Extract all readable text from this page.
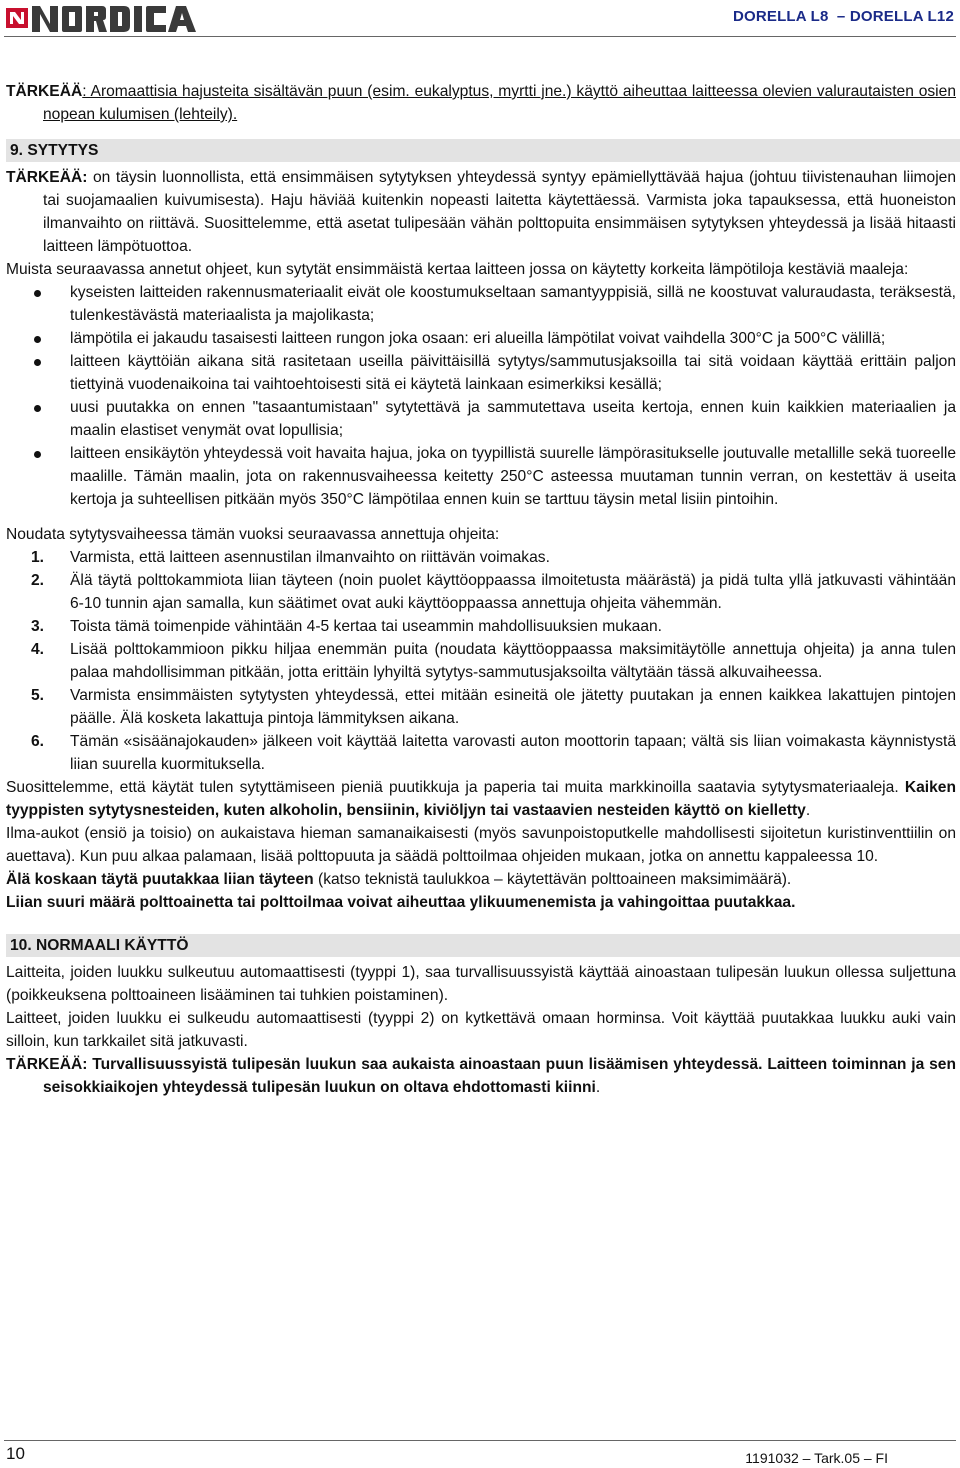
DORELLA L8 – DORELLA L12

TÄRKEÄÄ: Aromaattisia hajusteita sisältävän puun (esim. eukalyptus, myrtti jne.) käyttö aiheuttaa laitteessa olevien valurautaisten osien nopean kulumisen (lehteily).

9. SYTYTYS

TÄRKEÄÄ: on täysin luonnollista, että ensimmäisen sytytyksen yhteydessä syntyy epämiellyttävää hajua (johtuu tiivistenauhan liimojen tai suojamaalien kuivumisesta). Haju häviää kuitenkin nopeasti laitetta käytettäessä. Varmista joka tapauksessa, että huoneiston ilmanvaihto on riittävä. Suosittelemme, että asetat tulipesään vähän polttopuita ensimmäisen sytytyksen yhteydessä ja lisää hitaasti laitteen lämpötuottoa.

Muista seuraavassa annetut ohjeet, kun sytytät ensimmäistä kertaa laitteen jossa on käytetty korkeita lämpötiloja kestäviä maaleja:

kyseisten laitteiden rakennusmateriaalit eivät ole koostumukseltaan samantyyppisiä, sillä ne koostuvat valuraudasta, teräksestä, tulenkestävästä materiaalista ja majolikasta;
lämpötila ei jakaudu tasaisesti laitteen rungon joka osaan: eri alueilla lämpötilat voivat vaihdella 300°C ja 500°C välillä;
laitteen käyttöiän aikana sitä rasitetaan useilla päivittäisillä sytytys/sammutusjaksoilla tai sitä voidaan käyttää erittäin paljon tiettyinä vuodenaikoina tai vaihtoehtoisesti sitä ei käytetä lainkaan esimerkiksi kesällä;
uusi puutakka on ennen "tasaantumistaan" sytytettävä ja sammutettava useita kertoja, ennen kuin kaikkien materiaalien ja maalin elastiset venymät ovat lopullisia;
laitteen ensikäytön yhteydessä voit havaita hajua, joka on tyypillistä suurelle lämpörasitukselle joutuvalle metallille sekä tuoreelle maalille. Tämän maalin, jota on rakennusvaiheessa keitetty 250°C asteessa muutaman tunnin verran, on kestettäv ä useita kertoja ja suhteellisen pitkään myös 350°C lämpötilaa ennen kuin se tarttuu täysin metal lisiin pintoihin.

Noudata sytytysvaiheessa tämän vuoksi seuraavassa annettuja ohjeita:

1. Varmista, että laitteen asennustilan ilmanvaihto on riittävän voimakas.
2. Älä täytä polttokammiota liian täyteen (noin puolet käyttöoppaassa ilmoitetusta määrästä) ja pidä tulta yllä jatkuvasti vähintään 6-10 tunnin ajan samalla, kun säätimet ovat auki käyttöoppaassa annettuja ohjeita vähemmän.
3. Toista tämä toimenpide vähintään 4-5 kertaa tai useammin mahdollisuuksien mukaan.
4. Lisää polttokammioon pikku hiljaa enemmän puita (noudata käyttöoppaassa maksimitäytölle annettuja ohjeita) ja anna tulen palaa mahdollisimman pitkään, jotta erittäin lyhyiltä sytytys-sammutusjaksoilta vältytään tässä alkuvaiheessa.
5. Varmista ensimmäisten sytytysten yhteydessä, ettei mitään esineitä ole jätetty puutakan ja ennen kaikkea lakattujen pintojen päälle. Älä kosketa lakattuja pintoja lämmityksen aikana.
6. Tämän «sisäänajokauden» jälkeen voit käyttää laitetta varovasti auton moottorin tapaan; vältä sis liian voimakasta käynnistystä liian suurella kuormituksella.

Suosittelemme, että käytät tulen sytyttämiseen pieniä puutikkuja ja paperia tai muita markkinoilla saatavia sytytysmateriaaleja. Kaiken tyyppisten sytytysnesteiden, kuten alkoholin, bensiinin, kiviöljyn tai vastaavien nesteiden käyttö on kielletty.

Ilma-aukot (ensiö ja toisio) on aukaistava hieman samanaikaisesti (myös savunpoistoputkelle mahdollisesti sijoitetun kuristinventtiilin on auettava). Kun puu alkaa palamaan, lisää polttopuuta ja säädä polttoilmaa ohjeiden mukaan, jotka on annettu kappaleessa 10.

Älä koskaan täytä puutakkaa liian täyteen (katso teknistä taulukkoa – käytettävän polttoaineen maksimimäärä).

Liian suuri määrä polttoainetta tai polttoilmaa voivat aiheuttaa ylikuumenemista ja vahingoittaa puutakkaa.

10. NORMAALI KÄYTTÖ

Laitteita, joiden luukku sulkeutuu automaattisesti (tyyppi 1), saa turvallisuussyistä käyttää ainoastaan tulipesän luukun ollessa suljettuna (poikkeuksena polttoaineen lisääminen tai tuhkien poistaminen).

Laitteet, joiden luukku ei sulkeudu automaattisesti (tyyppi 2) on kytkettävä omaan horminsa. Voit käyttää puutakkaa luukku auki vain silloin, kun tarkkailet sitä jatkuvasti.

TÄRKEÄÄ: Turvallisuussyistä tulipesän luukun saa aukaista ainoastaan puun lisäämisen yhteydessä. Laitteen toiminnan ja sen seisokkiaikojen yhteydessä tulipesän luukun on oltava ehdottomasti kiinni.

10	1191032 – Tark.05 – FI
